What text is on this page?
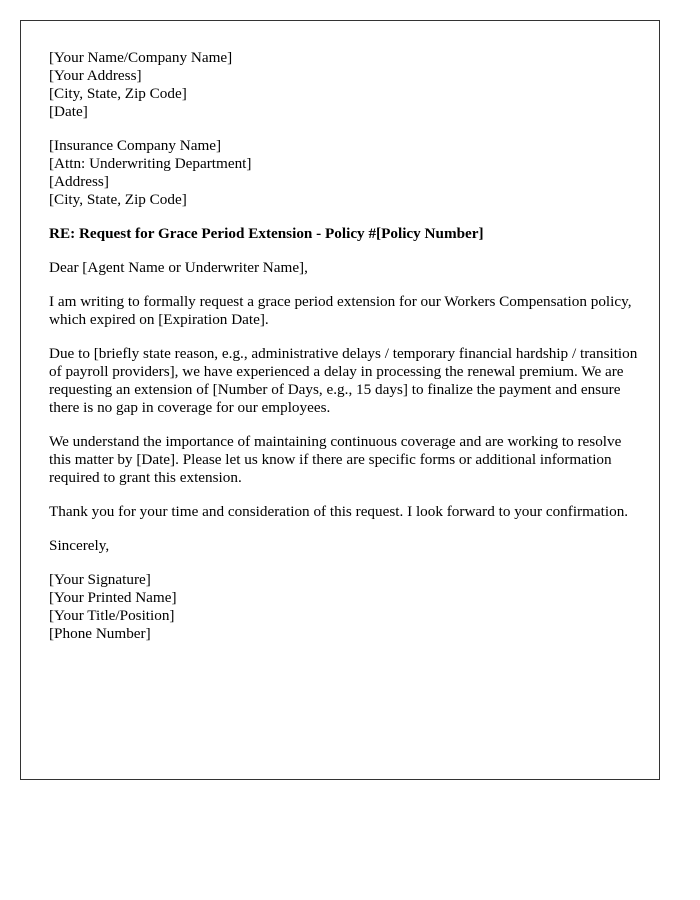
[Your Name/Company Name]
[Your Address]
[City, State, Zip Code]
[Date]
[Insurance Company Name]
[Attn: Underwriting Department]
[Address]
[City, State, Zip Code]
RE: Request for Grace Period Extension - Policy #[Policy Number]

Dear [Agent Name or Underwriter Name],

I am writing to formally request a grace period extension for our Workers Compensation policy, which expired on [Expiration Date].

Due to [briefly state reason, e.g., administrative delays / temporary financial hardship / transition of payroll providers], we have experienced a delay in processing the renewal premium. We are requesting an extension of [Number of Days, e.g., 15 days] to finalize the payment and ensure there is no gap in coverage for our employees.

We understand the importance of maintaining continuous coverage and are working to resolve this matter by [Date]. Please let us know if there are specific forms or additional information required to grant this extension.

Thank you for your time and consideration of this request. I look forward to your confirmation.

Sincerely,

[Your Signature]
[Your Printed Name]
[Your Title/Position]
[Phone Number]
